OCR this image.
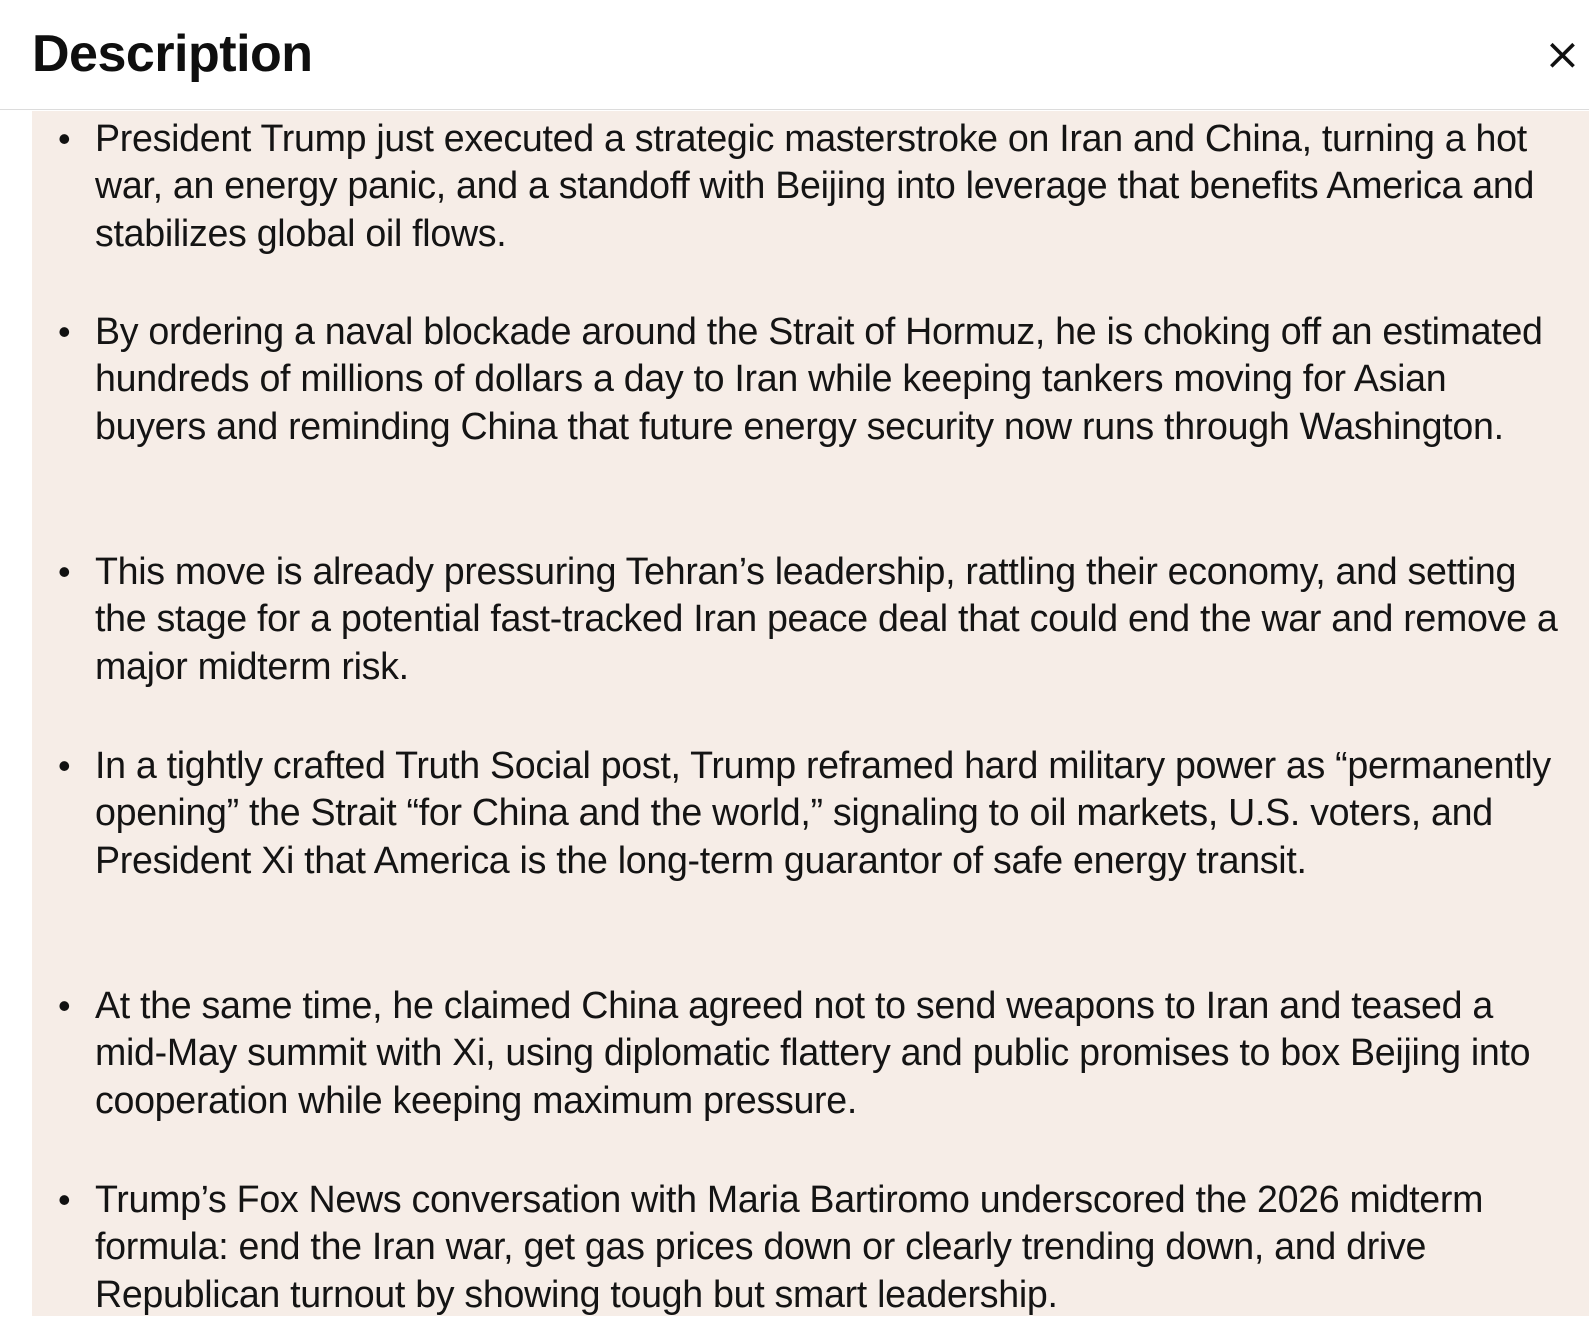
Description	×
• President Trump just executed a strategic masterstroke on Iran and China, turning a hot war, an energy panic, and a standoff with Beijing into leverage that benefits America and stabilizes global oil flows.
• By ordering a naval blockade around the Strait of Hormuz, he is choking off an estimated hundreds of millions of dollars a day to Iran while keeping tankers moving for Asian buyers and reminding China that future energy security now runs through Washington.
• This move is already pressuring Tehran’s leadership, rattling their economy, and setting the stage for a potential fast-tracked Iran peace deal that could end the war and remove a major midterm risk.
• In a tightly crafted Truth Social post, Trump reframed hard military power as “permanently opening” the Strait “for China and the world,” signaling to oil markets, U.S. voters, and President Xi that America is the long-term guarantor of safe energy transit.
• At the same time, he claimed China agreed not to send weapons to Iran and teased a mid-May summit with Xi, using diplomatic flattery and public promises to box Beijing into cooperation while keeping maximum pressure.
• Trump’s Fox News conversation with Maria Bartiromo underscored the 2026 midterm formula: end the Iran war, get gas prices down or clearly trending down, and drive Republican turnout by showing tough but smart leadership.
